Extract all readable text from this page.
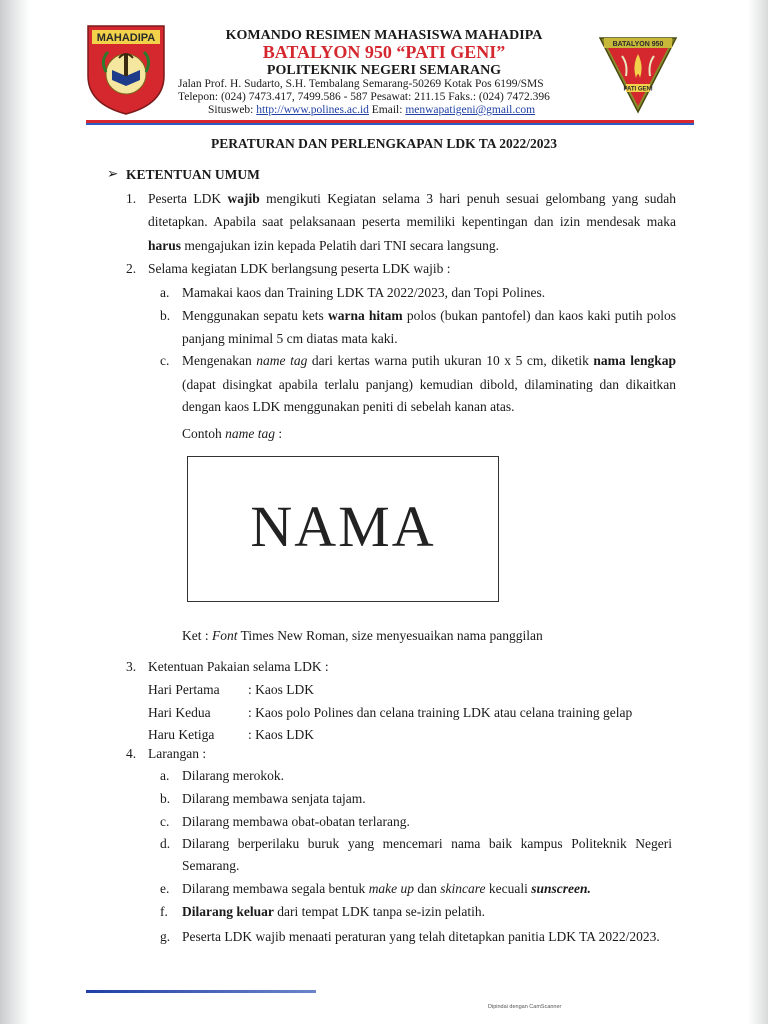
MAHADIPA
BATALYON 950
PATI GENI
KOMANDO RESIMEN MAHASISWA MAHADIPA
BATALYON 950 “PATI GENI”
POLITEKNIK NEGERI SEMARANG
Jalan Prof. H. Sudarto, S.H. Tembalang Semarang-50269 Kotak Pos 6199/SMS
Telepon: (024) 7473.417, 7499.586 - 587 Pesawat: 211.15 Faks.: (024) 7472.396
Situsweb: http://www.polines.ac.id Email: menwapatigeni@gmail.com
PERATURAN DAN PERLENGKAPAN LDK TA 2022/2023
➢ KETENTUAN UMUM
1. Peserta LDK wajib mengikuti Kegiatan selama 3 hari penuh sesuai gelombang yang sudah
ditetapkan. Apabila saat pelaksanaan peserta memiliki kepentingan dan izin mendesak maka
harus mengajukan izin kepada Pelatih dari TNI secara langsung.
2. Selama kegiatan LDK berlangsung peserta LDK wajib :
a. Mamakai kaos dan Training LDK TA 2022/2023, dan Topi Polines.
b. Menggunakan sepatu kets warna hitam polos (bukan pantofel) dan kaos kaki putih polos
panjang minimal 5 cm diatas mata kaki.
c. Mengenakan name tag dari kertas warna putih ukuran 10 x 5 cm, diketik nama lengkap
(dapat disingkat apabila terlalu panjang) kemudian dibold, dilaminating dan dikaitkan
dengan kaos LDK menggunakan peniti di sebelah kanan atas.
Contoh name tag :
NAMA
Ket : Font Times New Roman, size menyesuaikan nama panggilan
3. Ketentuan Pakaian selama LDK :
Hari Pertama : Kaos LDK
Hari Kedua	: Kaos polo Polines dan celana training LDK atau celana training gelap
Haru Ketiga : Kaos LDK
4. Larangan :
a. Dilarang merokok.
b. Dilarang membawa senjata tajam.
c. Dilarang membawa obat-obatan terlarang.
d. Dilarang berperilaku buruk yang mencemari nama baik kampus Politeknik Negeri
Semarang.
e. Dilarang membawa segala bentuk make up dan skincare kecuali sunscreen.
f. Dilarang keluar dari tempat LDK tanpa se-izin pelatih.
g. Peserta LDK wajib menaati peraturan yang telah ditetapkan panitia LDK TA 2022/2023.
Dipindai dengan CamScanner
